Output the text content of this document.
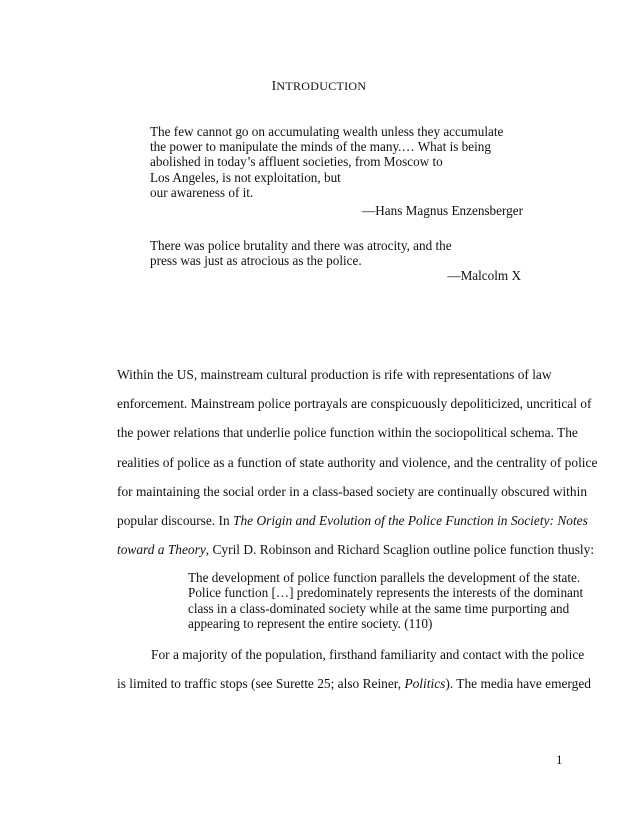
INTRODUCTION
The few cannot go on accumulating wealth unless they accumulate
the power to manipulate the minds of the many.… What is being
abolished in today’s affluent societies, from Moscow to
Los Angeles, is not exploitation, but
our awareness of it.
—Hans Magnus Enzensberger
There was police brutality and there was atrocity, and the
press was just as atrocious as the police.
—Malcolm X
Within the US, mainstream cultural production is rife with representations of law
enforcement. Mainstream police portrayals are conspicuously depoliticized, uncritical of
the power relations that underlie police function within the sociopolitical schema. The
realities of police as a function of state authority and violence, and the centrality of police
for maintaining the social order in a class-based society are continually obscured within
popular discourse. In The Origin and Evolution of the Police Function in Society: Notes
toward a Theory, Cyril D. Robinson and Richard Scaglion outline police function thusly:
The development of police function parallels the development of the state.
Police function […] predominately represents the interests of the dominant
class in a class-dominated society while at the same time purporting and
appearing to represent the entire society. (110)
For a majority of the population, firsthand familiarity and contact with the police
is limited to traffic stops (see Surette 25; also Reiner, Politics). The media have emerged
1
